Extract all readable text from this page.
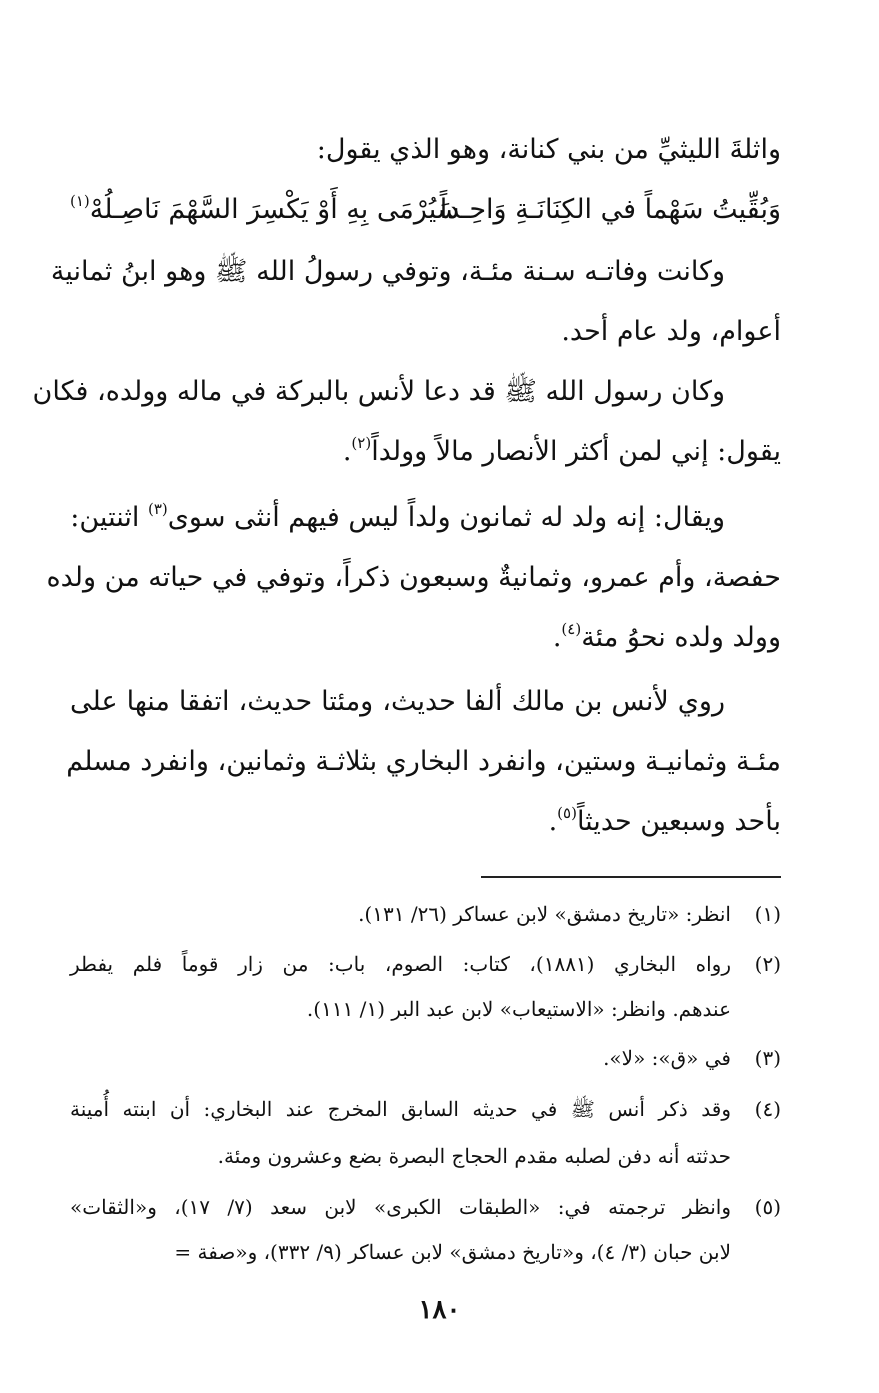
واثلةَ الليثيِّ من بني كنانة، وهو الذي يقول:
وَبُقِّيتُ سَهْماً في الكِنَانَـةِ وَاحِـداً
سَيُرْمَى بِهِ أَوْ يَكْسِرَ السَّهْمَ نَاصِـلُهْ$^{(١)}$
وكانت وفاتـه سـنة مئـة، وتوفي رسولُ الله ﷺ وهو ابنُ ثمانية
أعوام، ولد عام أحد.
وكان رسول الله ﷺ قد دعا لأنس بالبركة في ماله وولده، فكان
يقول: إني لمن أكثر الأنصار مالاً وولداً$^{(٢)}$.
ويقال: إنه ولد له ثمانون ولداً ليس فيهم أنثى سوى$^{(٣)}$ اثنتين:
حفصة، وأم عمرو، وثمانيةٌ وسبعون ذكراً، وتوفي في حياته من ولده
وولد ولده نحوُ مئة$^{(٤)}$.
روي لأنس بن مالك ألفا حديث، ومئتا حديث، اتفقا منها على
مئـة وثمانيـة وستين، وانفرد البخاري بثلاثـة وثمانين، وانفرد مسلم
بأحد وسبعين حديثاً$^{(٥)}$.
(١)
انظر: «تاريخ دمشق» لابن عساكر (٢٦/ ١٣١).
(٢)
رواه البخاري (١٨٨١)، كتاب: الصوم، باب: من زار قوماً فلم يفطر
عندهم. وانظر: «الاستيعاب» لابن عبد البر (١/ ١١١).
(٣)
في «ق»: «لا».
(٤)
وقد ذكر أنس ﷺ في حديثه السابق المخرج عند البخاري: أن ابنته أُمينة
حدثته أنه دفن لصلبه مقدم الحجاج البصرة بضع وعشرون ومئة.
(٥)
وانظر ترجمته في: «الطبقات الكبرى» لابن سعد (٧/ ١٧)، و«الثقات»
لابن حبان (٣/ ٤)، و«تاريخ دمشق» لابن عساكر (٩/ ٣٣٢)، و«صفة =
١٨٠
